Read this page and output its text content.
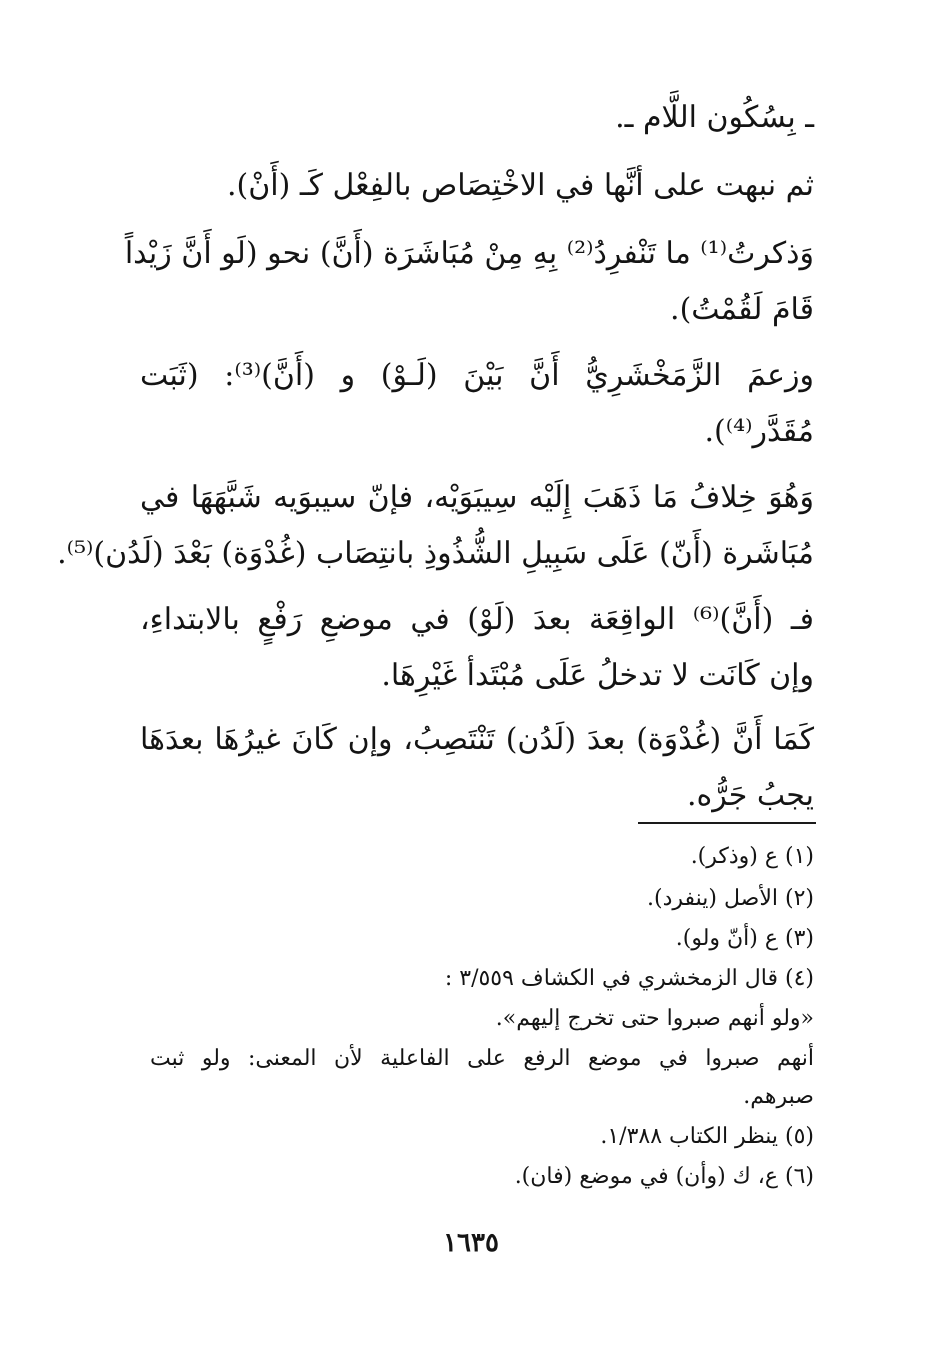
ـ بِسُكُون اللَّام ـ.
ثم نبهت على أنَّها في الاخْتِصَاص بالفِعْل كَـ (أَنْ).
وَذكرتُ⁽¹⁾ ما تَنْفرِدُ⁽²⁾ بِهِ مِنْ مُبَاشَرَة (أَنَّ) نحو (لَو أَنَّ زَيْداً
قَامَ لَقُمْتُ).
وزعمَ الزَّمَخْشَرِيُّ أَنَّ بَيْنَ (لَـوْ) و (أَنَّ)⁽³⁾: (ثَبَت
مُقَدَّر⁽⁴⁾).
وَهُوَ خِلافُ مَا ذَهَبَ إِلَيْه سِيبَوَيْه، فإنّ سيبوَيه شَبَّهَهَا في
مُبَاشَرة (أَنّ) عَلَى سَبِيلِ الشُّذُوذِ بانتِصَاب (غُدْوَة) بَعْدَ (لَدُن)⁽⁵⁾.
فـ (أَنَّ)⁽⁶⁾ الواقِعَة بعدَ (لَوْ) في موضعِ رَفْعٍ بالابتداءِ،
وإن كَانَت لا تدخلُ عَلَى مُبْتَدأ غَيْرِهَا.
كَمَا أَنَّ (غُدْوَة) بعدَ (لَدُن) تَنْتَصِبُ، وإن كَانَ غيرُهَا بعدَهَا
يجبُ جَرُّه.
(١) ع (وذكر).
(٢) الأصل (ينفرد).
(٣) ع (أنّ ولو).
(٤) قال الزمخشري في الكشاف ٣/٥٥٩ :
«ولو أنهم صبروا حتى تخرج إليهم».
أنهم صبروا في موضع الرفع على الفاعلية لأن المعنى: ولو ثبت
صبرهم.
(٥) ينظر الكتاب ١/٣٨٨.
(٦) ع، ك (وأن) في موضع (فان).
١٦٣٥
